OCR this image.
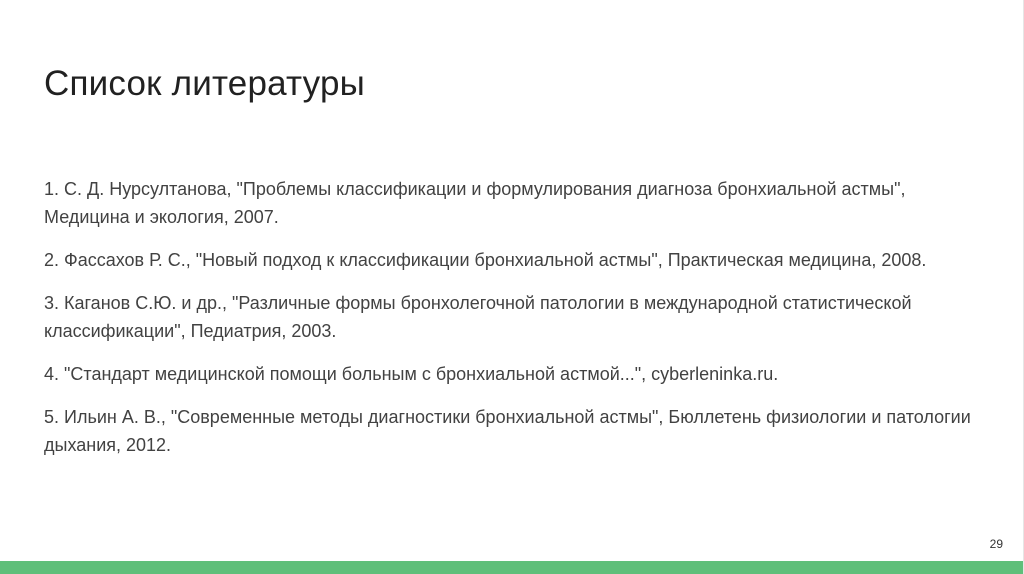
Список литературы
1. С. Д. Нурсултанова, "Проблемы классификации и формулирования диагноза бронхиальной астмы", Медицина и экология, 2007.
2. Фассахов Р. С., "Новый подход к классификации бронхиальной астмы", Практическая медицина, 2008.
3. Каганов С.Ю. и др., "Различные формы бронхолегочной патологии в международной статистической классификации", Педиатрия, 2003.
4. "Стандарт медицинской помощи больным с бронхиальной астмой...", cyberleninka.ru.
5. Ильин А. В., "Современные методы диагностики бронхиальной астмы", Бюллетень физиологии и патологии дыхания, 2012.
29
